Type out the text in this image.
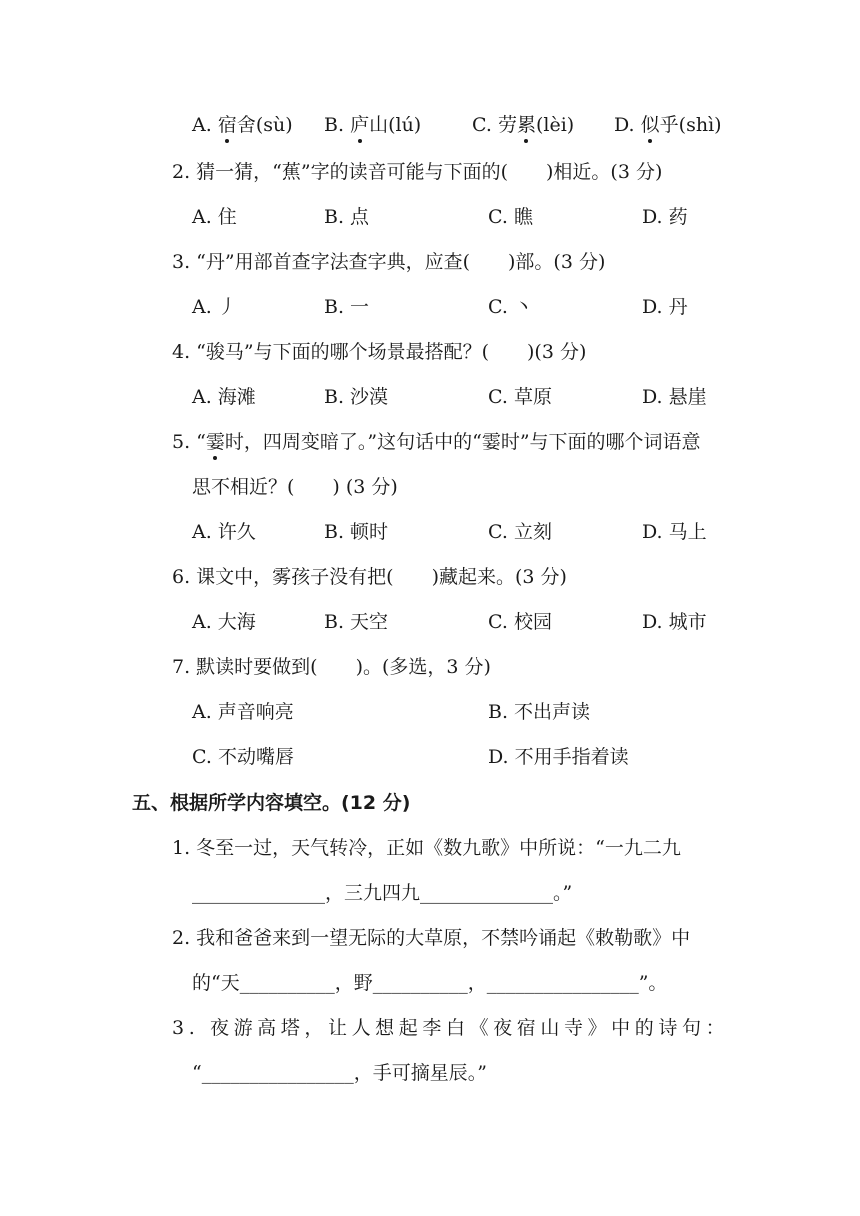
A. 宿舍(sù) B. 庐山(lú)	C. 劳累(lèi) D. 似乎(shì)
2. 猜一猜，“蕉”字的读音可能与下面的(　　)相近。(3 分)
A. 住	B. 点	C. 瞧	D. 药
3. “丹”用部首查字法查字典，应查(　　)部。(3 分)
A. 丿	B. 一	C. 丶	D. 丹
4. “骏马”与下面的哪个场景最搭配？(　　)(3 分)
A. 海滩	B. 沙漠	C. 草原	D. 悬崖
5. “霎时，四周变暗了。”这句话中的“霎时”与下面的哪个词语意
思不相近？(　　) (3 分)
A. 许久	B. 顿时	C. 立刻	D. 马上
6. 课文中，雾孩子没有把(　　)藏起来。(3 分)
A. 大海	B. 天空	C. 校园	D. 城市
7. 默读时要做到(　　)。(多选，3 分)
A. 声音响亮	B. 不出声读
C. 不动嘴唇	D. 不用手指着读
五、根据所学内容填空。(12 分)
1. 冬至一过，天气转冷，正如《数九歌》中所说：“一九二九
______________，三九四九______________。”
2. 我和爸爸来到一望无际的大草原，不禁吟诵起《敕勒歌》中
的“天__________，野__________，________________”。
3. 夜游高塔，让人想起李白《夜宿山寺》中的诗句：
“________________，手可摘星辰。”
